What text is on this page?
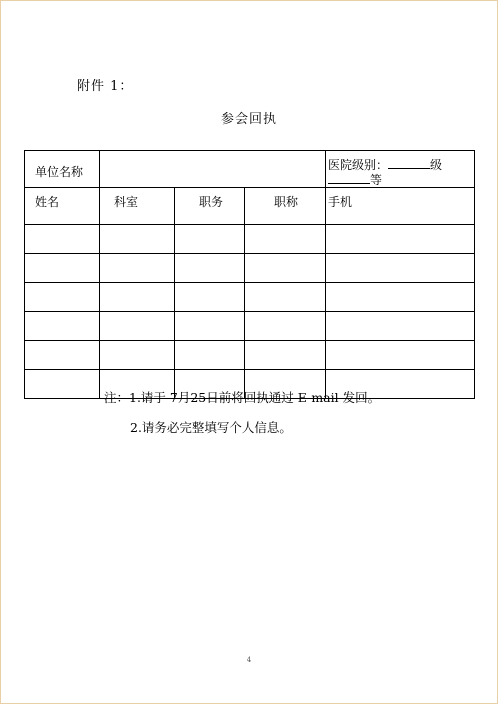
附件 1：
参会回执
单位名称				医院级别： 级等
姓名	科室	职务	职称	手机

注：1.请于 7月25日前将回执通过 E-mail 发回。
2.请务必完整填写个人信息。
4
